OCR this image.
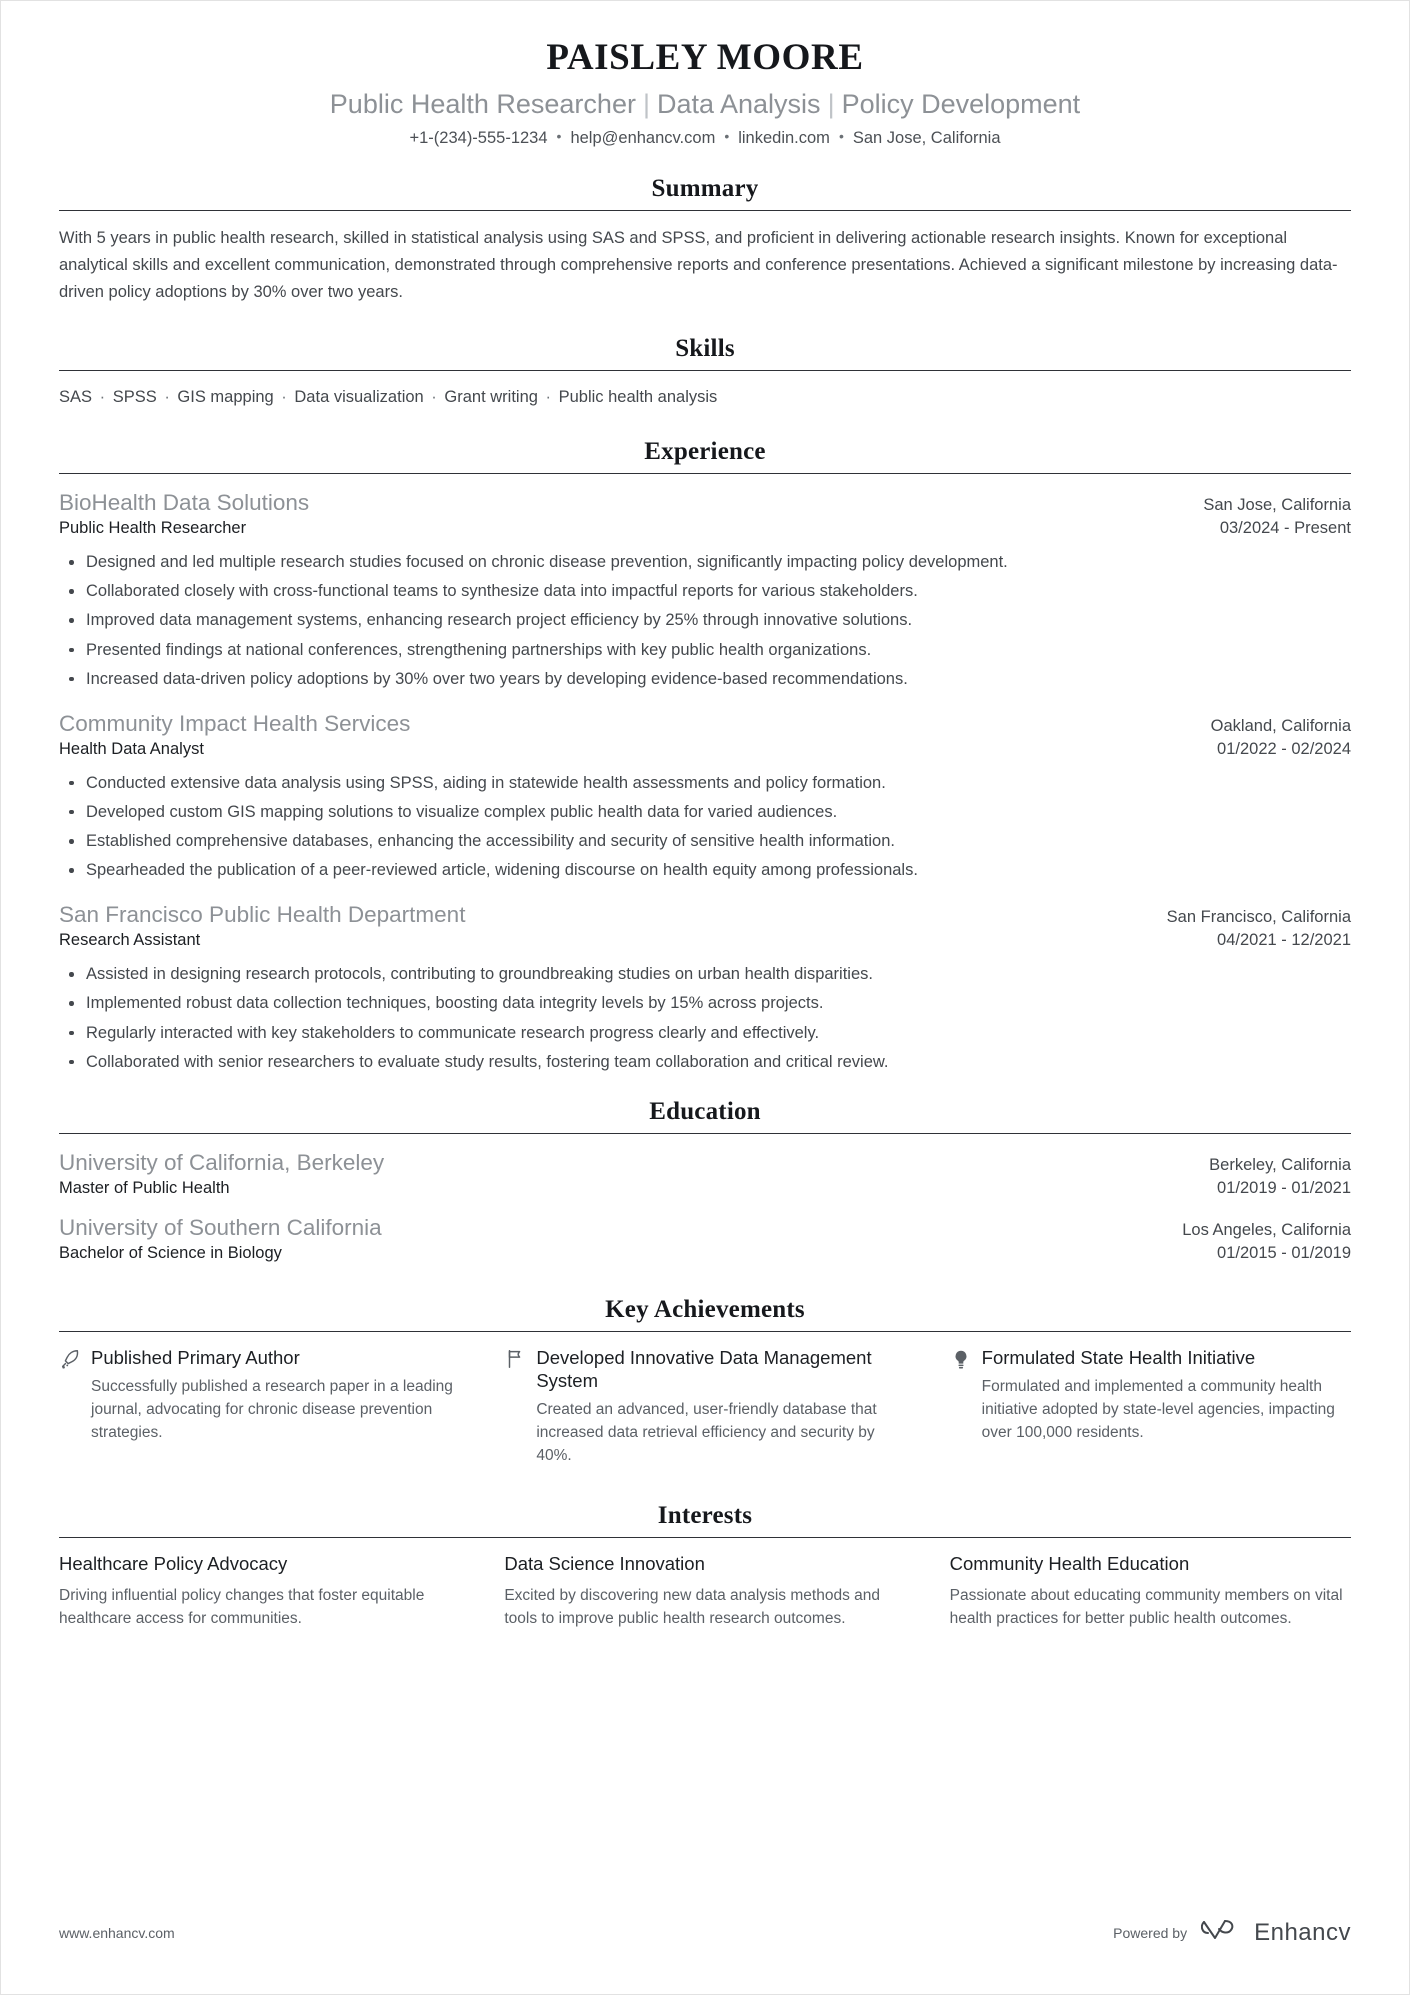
PAISLEY MOORE
Public Health Researcher | Data Analysis | Policy Development
+1-(234)-555-1234 • help@enhancv.com • linkedin.com • San Jose, California
Summary
With 5 years in public health research, skilled in statistical analysis using SAS and SPSS, and proficient in delivering actionable research insights. Known for exceptional analytical skills and excellent communication, demonstrated through comprehensive reports and conference presentations. Achieved a significant milestone by increasing data-driven policy adoptions by 30% over two years.
Skills
SAS · SPSS · GIS mapping · Data visualization · Grant writing · Public health analysis
Experience
BioHealth Data Solutions	San Jose, California
Public Health Researcher	03/2024 - Present
Designed and led multiple research studies focused on chronic disease prevention, significantly impacting policy development.
Collaborated closely with cross-functional teams to synthesize data into impactful reports for various stakeholders.
Improved data management systems, enhancing research project efficiency by 25% through innovative solutions.
Presented findings at national conferences, strengthening partnerships with key public health organizations.
Increased data-driven policy adoptions by 30% over two years by developing evidence-based recommendations.
Community Impact Health Services	Oakland, California
Health Data Analyst	01/2022 - 02/2024
Conducted extensive data analysis using SPSS, aiding in statewide health assessments and policy formation.
Developed custom GIS mapping solutions to visualize complex public health data for varied audiences.
Established comprehensive databases, enhancing the accessibility and security of sensitive health information.
Spearheaded the publication of a peer-reviewed article, widening discourse on health equity among professionals.
San Francisco Public Health Department	San Francisco, California
Research Assistant	04/2021 - 12/2021
Assisted in designing research protocols, contributing to groundbreaking studies on urban health disparities.
Implemented robust data collection techniques, boosting data integrity levels by 15% across projects.
Regularly interacted with key stakeholders to communicate research progress clearly and effectively.
Collaborated with senior researchers to evaluate study results, fostering team collaboration and critical review.
Education
University of California, Berkeley	Berkeley, California
Master of Public Health	01/2019 - 01/2021
University of Southern California	Los Angeles, California
Bachelor of Science in Biology	01/2015 - 01/2019
Key Achievements
Published Primary Author
Successfully published a research paper in a leading journal, advocating for chronic disease prevention strategies.
Developed Innovative Data Management System
Created an advanced, user-friendly database that increased data retrieval efficiency and security by 40%.
Formulated State Health Initiative
Formulated and implemented a community health initiative adopted by state-level agencies, impacting over 100,000 residents.
Interests
Healthcare Policy Advocacy
Driving influential policy changes that foster equitable healthcare access for communities.
Data Science Innovation
Excited by discovering new data analysis methods and tools to improve public health research outcomes.
Community Health Education
Passionate about educating community members on vital health practices for better public health outcomes.
www.enhancv.com	Powered by	Enhancv
